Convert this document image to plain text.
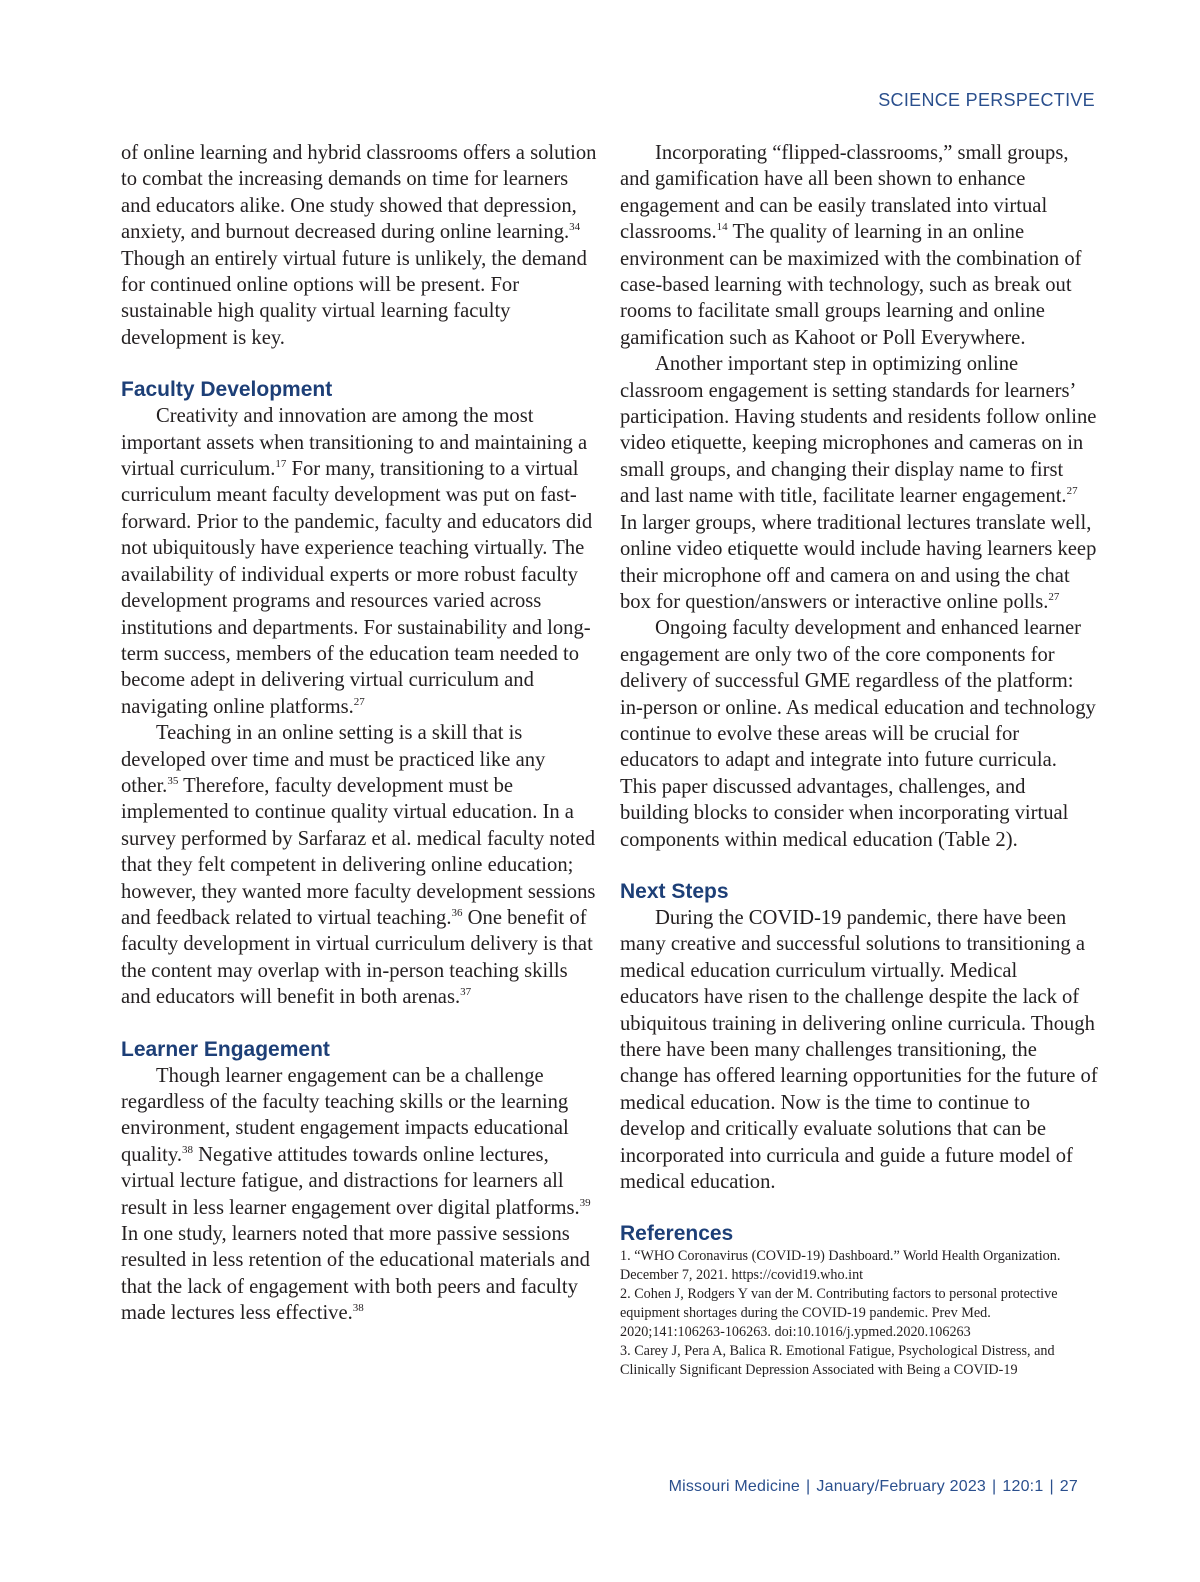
SCIENCE PERSPECTIVE

of online learning and hybrid classrooms offers a solution to combat the increasing demands on time for learners and educators alike. One study showed that depression, anxiety, and burnout decreased during online learning.$^{34}$ Though an entirely virtual future is unlikely, the demand for continued online options will be present. For sustainable high quality virtual learning faculty development is key.

Faculty Development

Creativity and innovation are among the most important assets when transitioning to and maintaining a virtual curriculum.$^{17}$ For many, transitioning to a virtual curriculum meant faculty development was put on fast-forward. Prior to the pandemic, faculty and educators did not ubiquitously have experience teaching virtually. The availability of individual experts or more robust faculty development programs and resources varied across institutions and departments. For sustainability and long-term success, members of the education team needed to become adept in delivering virtual curriculum and navigating online platforms.$^{27}$

Teaching in an online setting is a skill that is developed over time and must be practiced like any other.$^{35}$ Therefore, faculty development must be implemented to continue quality virtual education. In a survey performed by Sarfaraz et al. medical faculty noted that they felt competent in delivering online education; however, they wanted more faculty development sessions and feedback related to virtual teaching.$^{36}$ One benefit of faculty development in virtual curriculum delivery is that the content may overlap with in-person teaching skills and educators will benefit in both arenas.$^{37}$

Learner Engagement

Though learner engagement can be a challenge regardless of the faculty teaching skills or the learning environment, student engagement impacts educational quality.$^{38}$ Negative attitudes towards online lectures, virtual lecture fatigue, and distractions for learners all result in less learner engagement over digital platforms.$^{39}$ In one study, learners noted that more passive sessions resulted in less retention of the educational materials and that the lack of engagement with both peers and faculty made lectures less effective.$^{38}$

Incorporating “flipped-classrooms,” small groups, and gamification have all been shown to enhance engagement and can be easily translated into virtual classrooms.$^{14}$ The quality of learning in an online environment can be maximized with the combination of case-based learning with technology, such as break out rooms to facilitate small groups learning and online gamification such as Kahoot or Poll Everywhere.

Another important step in optimizing online classroom engagement is setting standards for learners’ participation. Having students and residents follow online video etiquette, keeping microphones and cameras on in small groups, and changing their display name to first and last name with title, facilitate learner engagement.$^{27}$ In larger groups, where traditional lectures translate well, online video etiquette would include having learners keep their microphone off and camera on and using the chat box for question/answers or interactive online polls.$^{27}$

Ongoing faculty development and enhanced learner engagement are only two of the core components for delivery of successful GME regardless of the platform: in-person or online. As medical education and technology continue to evolve these areas will be crucial for educators to adapt and integrate into future curricula. This paper discussed advantages, challenges, and building blocks to consider when incorporating virtual components within medical education (Table 2).

Next Steps

During the COVID-19 pandemic, there have been many creative and successful solutions to transitioning a medical education curriculum virtually. Medical educators have risen to the challenge despite the lack of ubiquitous training in delivering online curricula. Though there have been many challenges transitioning, the change has offered learning opportunities for the future of medical education. Now is the time to continue to develop and critically evaluate solutions that can be incorporated into curricula and guide a future model of medical education.

References

1. “WHO Coronavirus (COVID-19) Dashboard.” World Health Organization. December 7, 2021. https://covid19.who.int

2. Cohen J, Rodgers Y van der M. Contributing factors to personal protective equipment shortages during the COVID-19 pandemic. Prev Med. 2020;141:106263-106263. doi:10.1016/j.ypmed.2020.106263

3. Carey J, Pera A, Balica R. Emotional Fatigue, Psychological Distress, and Clinically Significant Depression Associated with Being a COVID-19

Missouri Medicine | January/February 2023 | 120:1 | 27
